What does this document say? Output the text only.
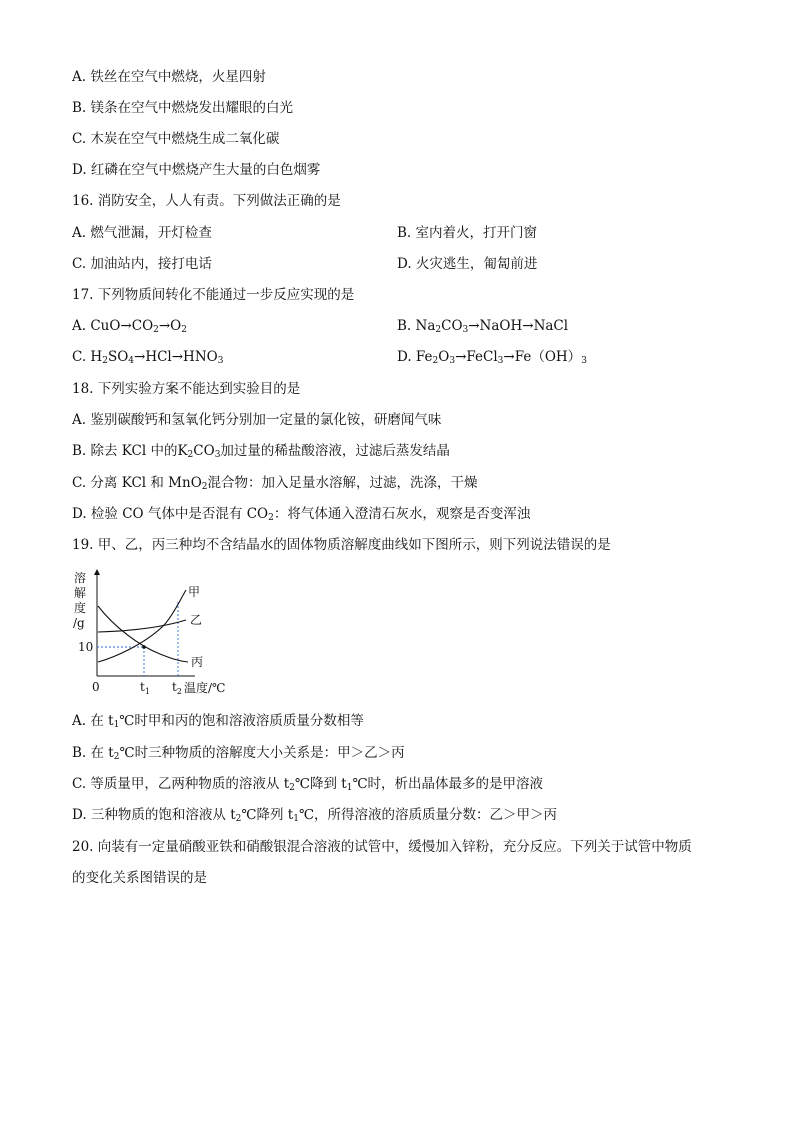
A. 铁丝在空气中燃烧，火星四射
B. 镁条在空气中燃烧发出耀眼的白光
C. 木炭在空气中燃烧生成二氧化碳
D. 红磷在空气中燃烧产生大量的白色烟雾
16. 消防安全，人人有责。下列做法正确的是
A. 燃气泄漏，开灯检查	B. 室内着火，打开门窗
C. 加油站内，接打电话	D. 火灾逃生，匍匐前进
17. 下列物质间转化不能通过一步反应实现的是
A. $CuO\to CO_2\to O_2$	B. $Na_2CO_3\to NaOH\to NaCl$
C. $H_2SO_4\to HCl\to HNO_3$	D. $Fe_2O_3\to FeCl_3\to Fe(OH)_3$
18. 下列实验方案不能达到实验目的是
A. 鉴别碳酸钙和氢氧化钙分别加一定量的氯化铵，研磨闻气味
B. 除去 KCl 中的$K_2CO_3$加过量的稀盐酸溶液，过滤后蒸发结晶
C. 分离 KCl 和 MnO$_2$混合物：加入足量水溶解，过滤，洗涤，干燥
D. 检验 CO 气体中是否混有 $CO_2$：将气体通入澄清石灰水，观察是否变浑浊
19. 甲、乙，丙三种均不含结晶水的固体物质溶解度曲线如下图所示，则下列说法错误的是
溶
解
度
/g
甲
乙
丙
10
0	$t_1$ $t_2$ 温度/℃
A. 在 $t_1℃$时甲和丙的饱和溶液溶质质量分数相等
B. 在 $t_2℃$时三种物质的溶解度大小关系是：甲＞乙＞丙
C. 等质量甲，乙两种物质的溶液从 $t_2℃$降到 $t_1℃$时，析出晶体最多的是甲溶液
D. 三种物质的饱和溶液从 $t_2℃$降列 $t_1℃$，所得溶液的溶质质量分数：乙＞甲＞丙
20. 向装有一定量硝酸亚铁和硝酸银混合溶液的试管中，缓慢加入锌粉，充分反应。下列关于试管中物质
的变化关系图错误的是
